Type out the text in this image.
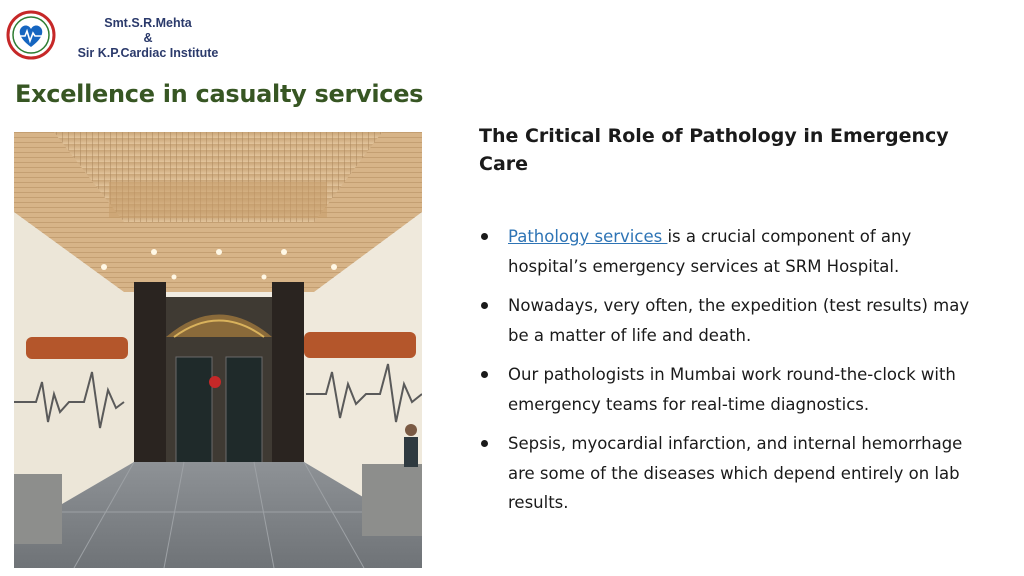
Smt.S.R.Mehta
&
Sir K.P.Cardiac Institute
Excellence in casualty services
The Critical Role of Pathology in Emergency Care
Pathology services is a crucial component of any hospital’s emergency services at SRM Hospital.
Nowadays, very often, the expedition (test results) may be a matter of life and death.
Our pathologists in Mumbai work round-the-clock with emergency teams for real-time diagnostics.
Sepsis, myocardial infarction, and internal hemorrhage are some of the diseases which depend entirely on lab results.
